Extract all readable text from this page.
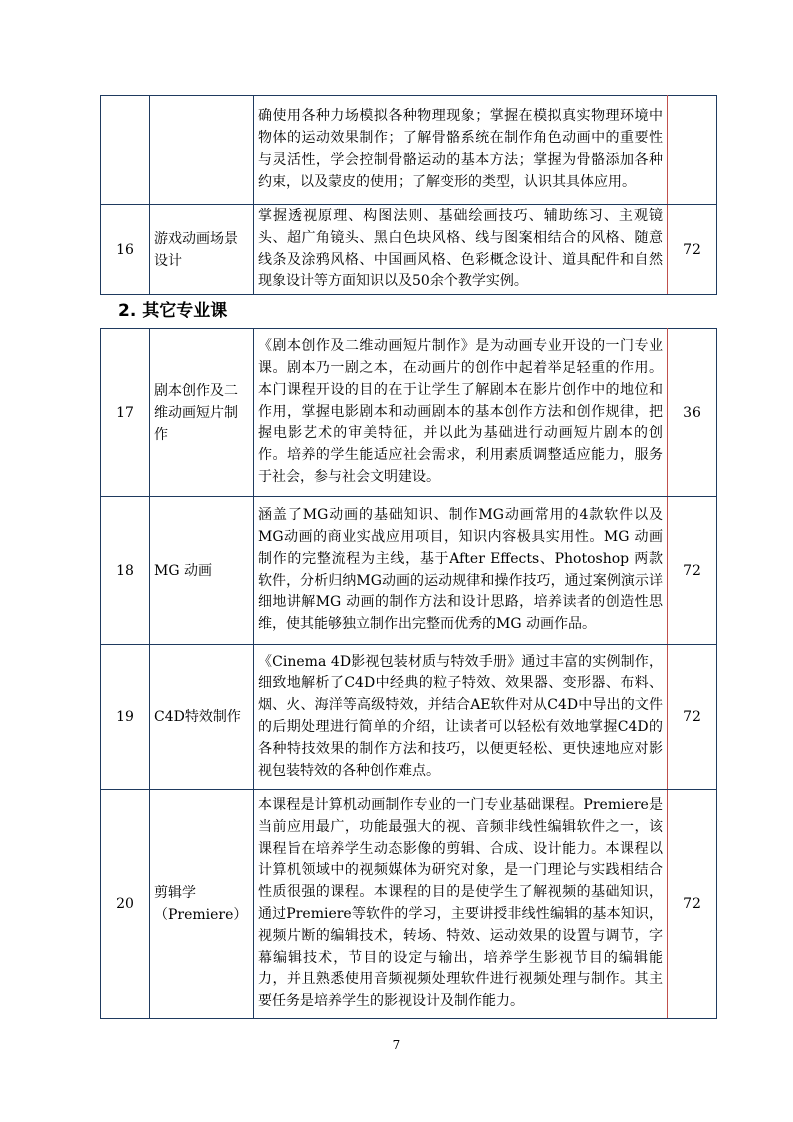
		确使用各种力场模拟各种物理现象；掌握在模拟真实物理环境中物体的运动效果制作；了解骨骼系统在制作角色动画中的重要性与灵活性，学会控制骨骼运动的基本方法；掌握为骨骼添加各种约束，以及蒙皮的使用；了解变形的类型，认识其具体应用。	
16	游戏动画场景设计	掌握透视原理、构图法则、基础绘画技巧、辅助练习、主观镜头、超广角镜头、黑白色块风格、线与图案相结合的风格、随意线条及涂鸦风格、中国画风格、色彩概念设计、道具配件和自然现象设计等方面知识以及50余个教学实例。	72
2. 其它专业课
17	剧本创作及二维动画短片制作	《剧本创作及二维动画短片制作》是为动画专业开设的一门专业课。剧本乃一剧之本，在动画片的创作中起着举足轻重的作用。本门课程开设的目的在于让学生了解剧本在影片创作中的地位和作用，掌握电影剧本和动画剧本的基本创作方法和创作规律，把握电影艺术的审美特征，并以此为基础进行动画短片剧本的创作。培养的学生能适应社会需求，利用素质调整适应能力，服务于社会，参与社会文明建设。	36
18	MG 动画	涵盖了MG动画的基础知识、制作MG动画常用的4款软件以及MG动画的商业实战应用项目，知识内容极具实用性。MG 动画制作的完整流程为主线，基于After Effects、Photoshop 两款软件，分析归纳MG动画的运动规律和操作技巧，通过案例演示详细地讲解MG 动画的制作方法和设计思路，培养读者的创造性思维，使其能够独立制作出完整而优秀的MG 动画作品。	72
19	C4D特效制作	《Cinema 4D影视包装材质与特效手册》通过丰富的实例制作，细致地解析了C4D中经典的粒子特效、效果器、变形器、布料、烟、火、海洋等高级特效，并结合AE软件对从C4D中导出的文件的后期处理进行简单的介绍，让读者可以轻松有效地掌握C4D的各种特技效果的制作方法和技巧，以便更轻松、更快速地应对影视包装特效的各种创作难点。	72
20	剪辑学（Premiere）	本课程是计算机动画制作专业的一门专业基础课程。Premiere是当前应用最广，功能最强大的视、音频非线性编辑软件之一，该课程旨在培养学生动态影像的剪辑、合成、设计能力。本课程以计算机领域中的视频媒体为研究对象，是一门理论与实践相结合性质很强的课程。本课程的目的是使学生了解视频的基础知识，通过Premiere等软件的学习，主要讲授非线性编辑的基本知识，视频片断的编辑技术，转场、特效、运动效果的设置与调节，字幕编辑技术，节目的设定与输出，培养学生影视节目的编辑能力，并且熟悉使用音频视频处理软件进行视频处理与制作。其主要任务是培养学生的影视设计及制作能力。	72
7
